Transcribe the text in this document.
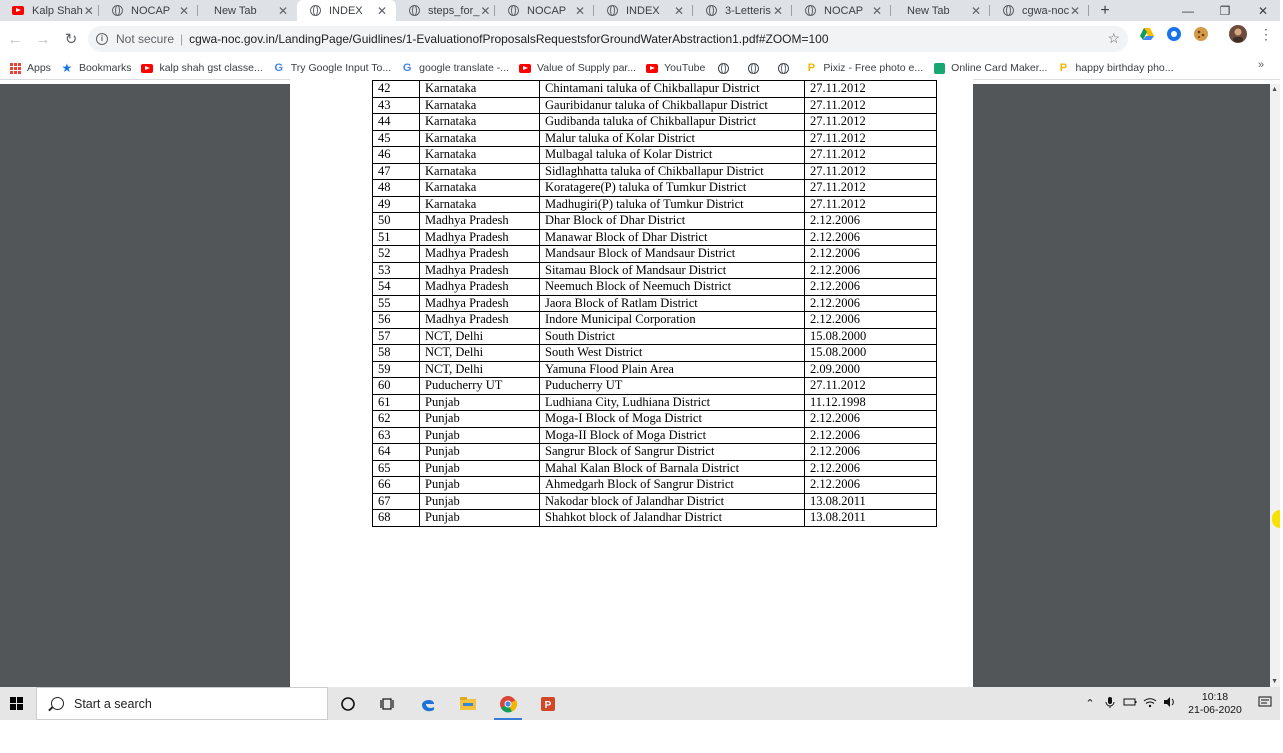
Kalp Shah ✕	NOCAP ✕ New Tab	✕	INDEX	✕	steps_for_ ✕	NOCAP ✕	INDEX	✕	3-Letteris ✕	NOCAP ✕ New Tab	✕	cgwa-noc ✕	+	—	❐	✕
← → ↻	i	Not secure | cgwa-noc.gov.in/LandingPage/Guidlines/1-EvaluationofProposalsRequestsforGroundWaterAbstraction1.pdf#ZOOM=100	☆	⋮
Apps ★ Bookmarks	kalp shah gst classe... G Try Google Input To... G google translate -...	Value of Supply par...	YouTube	P Pixiz - Free photo e...	Online Card Maker... P happy birthday pho...	»
42	Karnataka	Chintamani taluka of Chikballapur District	27.11.2012
43	Karnataka	Gauribidanur taluka of Chikballapur District	27.11.2012
44	Karnataka	Gudibanda taluka of Chikballapur District	27.11.2012
45	Karnataka	Malur taluka of Kolar District	27.11.2012
46	Karnataka	Mulbagal taluka of Kolar District	27.11.2012
47	Karnataka	Sidlaghhatta taluka of Chikballapur District	27.11.2012
48	Karnataka	Koratagere(P) taluka of Tumkur District	27.11.2012
49	Karnataka	Madhugiri(P) taluka of Tumkur District	27.11.2012
50	Madhya Pradesh	Dhar Block of Dhar District	2.12.2006
51	Madhya Pradesh	Manawar Block of Dhar District	2.12.2006
52	Madhya Pradesh	Mandsaur Block of Mandsaur District	2.12.2006
53	Madhya Pradesh	Sitamau Block of Mandsaur District	2.12.2006
54	Madhya Pradesh	Neemuch Block of Neemuch District	2.12.2006
55	Madhya Pradesh	Jaora Block of Ratlam District	2.12.2006
56	Madhya Pradesh	Indore Municipal Corporation	2.12.2006
57	NCT, Delhi	South District	15.08.2000
58	NCT, Delhi	South West District	15.08.2000
59	NCT, Delhi	Yamuna Flood Plain Area	2.09.2000
60	Puducherry UT	Puducherry UT	27.11.2012
61	Punjab	Ludhiana City, Ludhiana District	11.12.1998
62	Punjab	Moga-I Block of Moga District	2.12.2006
63	Punjab	Moga-II Block of Moga District	2.12.2006
64	Punjab	Sangrur Block of Sangrur District	2.12.2006
65	Punjab	Mahal Kalan Block of Barnala District	2.12.2006
66	Punjab	Ahmedgarh Block of Sangrur District	2.12.2006
67	Punjab	Nakodar block of Jalandhar District	13.08.2011
68	Punjab	Shahkot block of Jalandhar District	13.08.2011
▲
▼
Start a search	P	⌃
10:18
21-06-2020
